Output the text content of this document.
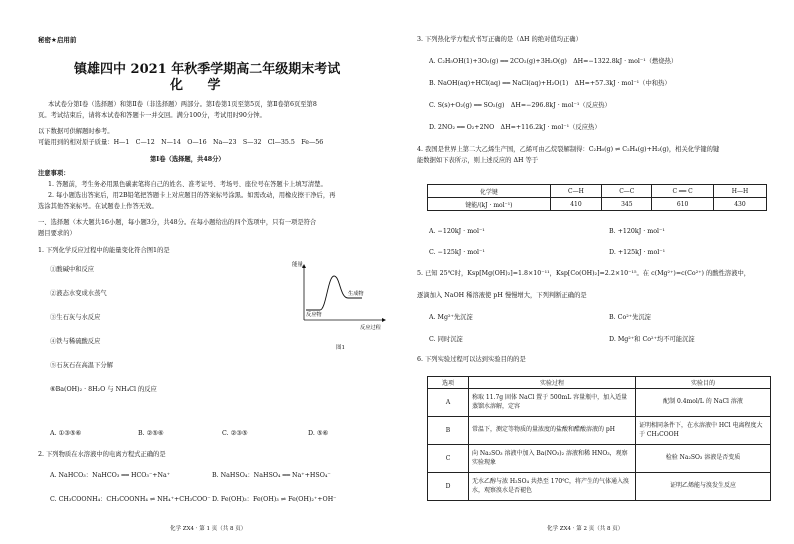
秘密★启用前
镇雄四中 2021 年秋季学期高二年级期末考试
化 学
本试卷分第Ⅰ卷（选择题）和第Ⅱ卷（非选择题）两部分。第Ⅰ卷第1页至第5页，第Ⅱ卷第6页至第8
页。考试结束后，请将本试卷和答题卡一并交回。满分100分，考试用时90分钟。
以下数据可供解题时参考。
可能用到的相对原子质量：H—1　C—12　N—14　O—16　Na—23　S—32　Cl—35.5　Fe—56
第Ⅰ卷（选择题，共48分）
注意事项：
1. 答题前，考生务必用黑色碳素笔将自己的姓名、准考证号、考场号、座位号在答题卡上填写清楚。
2. 每小题选出答案后，用2B铅笔把答题卡上对应题目的答案标号涂黑。如需改动，用橡皮擦干净后，再
选涂其他答案标号。在试题卷上作答无效。
一、选择题（本大题共16小题，每小题3分，共48分。在每小题给出的四个选项中，只有一项是符合
题目要求的）
1. 下列化学反应过程中的能量变化符合图1的是
①酸碱中和反应
②液态水变成水蒸气
③生石灰与水反应
④铁与稀硫酸反应
⑤石灰石在高温下分解
⑥Ba(OH)₂ · 8H₂O 与 NH₄Cl 的反应
能量
反应物
生成物
反应过程
图1
A. ①③⑤⑥	B. ②⑤⑥	C. ②③⑤	D. ⑤⑥
2. 下列物质在水溶液中的电离方程式正确的是
A. NaHCO₃：NaHCO₃ ══ HCO₃⁻+Na⁺	B. NaHSO₄：NaHSO₄ ══ Na⁺+HSO₄⁻
C. CH₃COONH₄：CH₃COONH₄ ⇌ NH₄⁺+CH₃COO⁻ D. Fe(OH)₃：Fe(OH)₃ ⇌ Fe(OH)₂⁺+OH⁻
化学 ZX4 · 第 1 页（共 8 页）
3. 下列热化学方程式书写正确的是（ΔH 的绝对值均正确）
A. C₂H₅OH(1)+3O₂(g) ══ 2CO₂(g)+3H₂O(g)　ΔH=−1322.8kJ · mol⁻¹（燃烧热）
B. NaOH(aq)+HCl(aq) ══ NaCl(aq)+H₂O(1)　ΔH=+57.3kJ · mol⁻¹（中和热）
C. S(s)+O₂(g) ══ SO₂(g)　ΔH=−296.8kJ · mol⁻¹（反应热）
D. 2NO₂ ══ O₂+2NO　ΔH=+116.2kJ · mol⁻¹（反应热）
4. 我国是世界上第二大乙烯生产国，乙烯可由乙烷裂解制得：C₂H₆(g) ⇌ C₂H₄(g)+H₂(g)，相关化学键的键
能数据如下表所示，则上述反应的 ΔH 等于
化学键	C—H	C—C	C ══ C	H—H
键能/(kJ · mol⁻¹)	410	345	610	430
A. −120kJ · mol⁻¹	B. +120kJ · mol⁻¹
C. −125kJ · mol⁻¹	D. +125kJ · mol⁻¹
5. 已知 25℃时，Ksp[Mg(OH)₂]=1.8×10⁻¹¹，Ksp[Co(OH)₂]=2.2×10⁻¹⁵。在 c(Mg²⁺)=c(Co²⁺) 的酸性溶液中，
逐滴加入 NaOH 稀溶液使 pH 慢慢增大，下列判断正确的是
A. Mg²⁺先沉淀	B. Co²⁺先沉淀
C. 同时沉淀	D. Mg²⁺和 Co²⁺均不可能沉淀
6. 下列实验过程可以达到实验目的的是
选项	实验过程	实验目的
A	称取 11.7g 固体 NaCl 置于 500mL 容量瓶中，加入适量蒸馏水溶解，定容	配制 0.4mol/L 的 NaCl 溶液
B	常温下，测定等物质的量浓度的盐酸和醋酸溶液的 pH	证明相同条件下，在水溶液中 HCl 电离程度大于 CH₃COOH
C	向 Na₂SO₃ 溶液中加入 Ba(NO₃)₂ 溶液和稀 HNO₃，观察实验现象	检验 Na₂SO₃ 溶液是否变质
D	无水乙醇与浓 H₂SO₄ 共热至 170℃，将产生的气体通入溴水，观察溴水是否褪色	证明乙烯能与溴发生反应
化学 ZX4 · 第 2 页（共 8 页）
